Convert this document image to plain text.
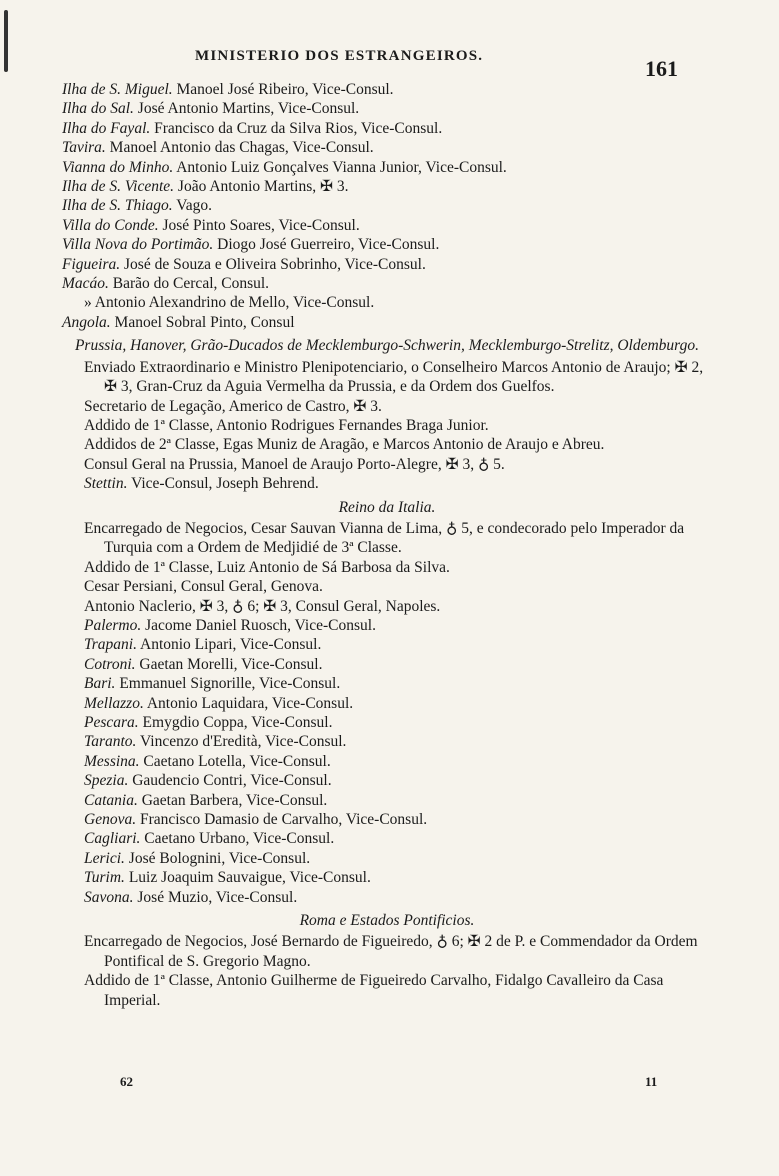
MINISTERIO DOS ESTRANGEIROS.	161

Ilha de S. Miguel. Manoel José Ribeiro, Vice-Consul.

Ilha do Sal. José Antonio Martins, Vice-Consul.

Ilha do Fayal. Francisco da Cruz da Silva Rios, Vice-Consul.

Tavira. Manoel Antonio das Chagas, Vice-Consul.

Vianna do Minho. Antonio Luiz Gonçalves Vianna Junior, Vice-Consul.

Ilha de S. Vicente. João Antonio Martins, ✠ 3.

Ilha de S. Thiago. Vago.

Villa do Conde. José Pinto Soares, Vice-Consul.

Villa Nova do Portimão. Diogo José Guerreiro, Vice-Consul.

Figueira. José de Souza e Oliveira Sobrinho, Vice-Consul.

Macáo. Barão do Cercal, Consul.

» Antonio Alexandrino de Mello, Vice-Consul.

Angola. Manoel Sobral Pinto, Consul

Prussia, Hanover, Grão-Ducados de Mecklemburgo-Schwerin, Mecklemburgo-Strelitz, Oldemburgo.

Enviado Extraordinario e Ministro Plenipotenciario, o Conselheiro Marcos Antonio de Araujo; ✠ 2, ✠ 3, Gran-Cruz da Aguia Vermelha da Prussia, e da Ordem dos Guelfos.

Secretario de Legação, Americo de Castro, ✠ 3.

Addido de 1ª Classe, Antonio Rodrigues Fernandes Braga Junior.

Addidos de 2ª Classe, Egas Muniz de Aragão, e Marcos Antonio de Araujo e Abreu.

Consul Geral na Prussia, Manoel de Araujo Porto-Alegre, ✠ 3, ♁ 5.

Stettin. Vice-Consul, Joseph Behrend.

Reino da Italia.

Encarregado de Negocios, Cesar Sauvan Vianna de Lima, ♁ 5, e condecorado pelo Imperador da Turquia com a Ordem de Medjidié de 3ª Classe.

Addido de 1ª Classe, Luiz Antonio de Sá Barbosa da Silva.

Cesar Persiani, Consul Geral, Genova.

Antonio Naclerio, ✠ 3, ♁ 6; ✠ 3, Consul Geral, Napoles.

Palermo. Jacome Daniel Ruosch, Vice-Consul.

Trapani. Antonio Lipari, Vice-Consul.

Cotroni. Gaetan Morelli, Vice-Consul.

Bari. Emmanuel Signorille, Vice-Consul.

Mellazzo. Antonio Laquidara, Vice-Consul.

Pescara. Emygdio Coppa, Vice-Consul.

Taranto. Vincenzo d'Eredità, Vice-Consul.

Messina. Caetano Lotella, Vice-Consul.

Spezia. Gaudencio Contri, Vice-Consul.

Catania. Gaetan Barbera, Vice-Consul.

Genova. Francisco Damasio de Carvalho, Vice-Consul.

Cagliari. Caetano Urbano, Vice-Consul.

Lerici. José Bolognini, Vice-Consul.

Turim. Luiz Joaquim Sauvaigue, Vice-Consul.

Savona. José Muzio, Vice-Consul.

Roma e Estados Pontificios.

Encarregado de Negocios, José Bernardo de Figueiredo, ♁ 6; ✠ 2 de P. e Commendador da Ordem Pontifical de S. Gregorio Magno.

Addido de 1ª Classe, Antonio Guilherme de Figueiredo Carvalho, Fidalgo Cavalleiro da Casa Imperial.

62	11
